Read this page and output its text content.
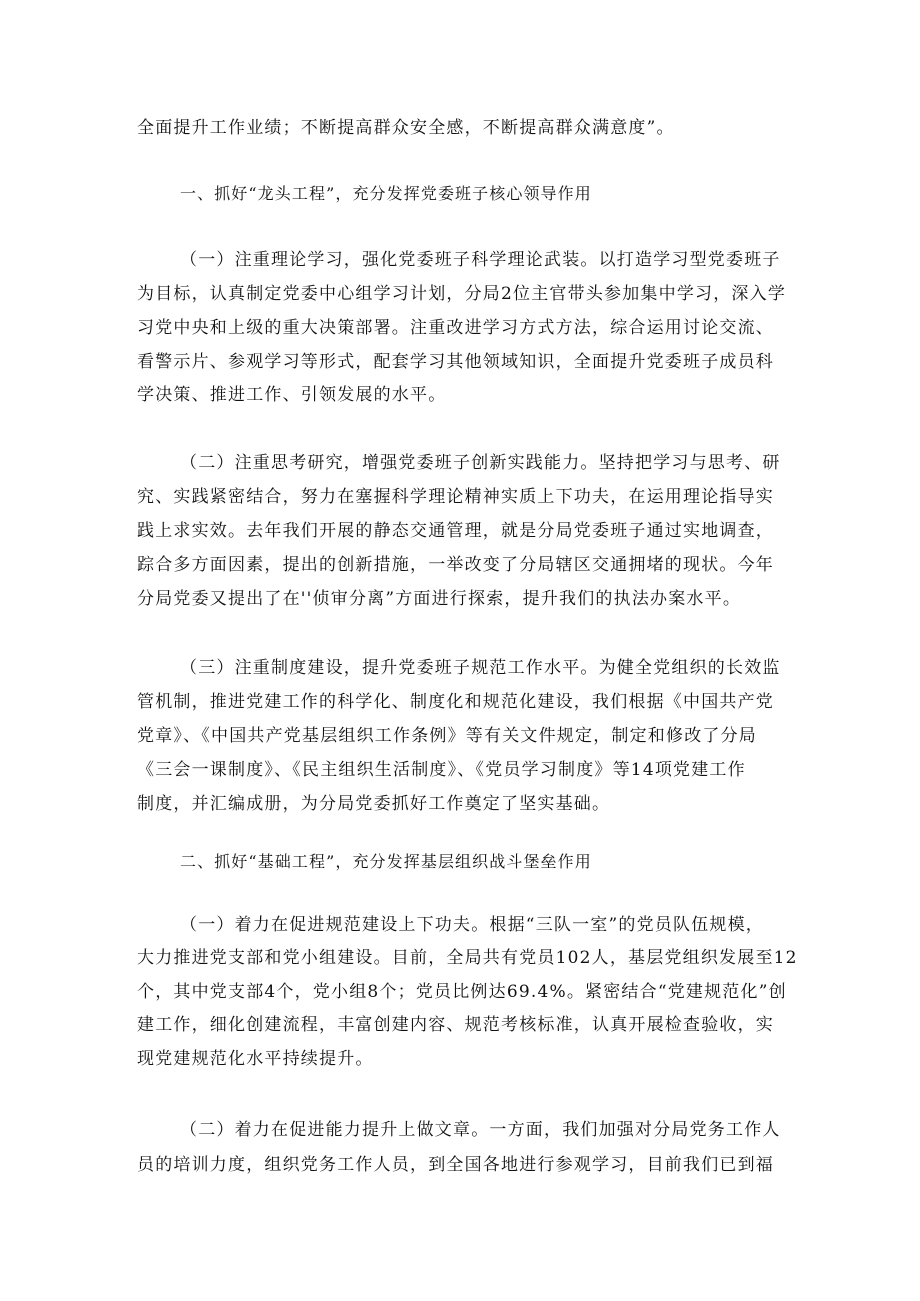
全面提升工作业绩；不断提高群众安全感，不断提高群众满意度”。
一、抓好“龙头工程”，充分发挥党委班子核心领导作用
（一）注重理论学习，强化党委班子科学理论武装。以打造学习型党委班子
为目标，认真制定党委中心组学习计划，分局2位主官带头参加集中学习，深入学
习党中央和上级的重大决策部署。注重改进学习方式方法，综合运用讨论交流、
看警示片、参观学习等形式，配套学习其他领域知识，全面提升党委班子成员科
学决策、推进工作、引领发展的水平。
（二）注重思考研究，增强党委班子创新实践能力。坚持把学习与思考、研
究、实践紧密结合，努力在塞握科学理论精神实质上下功夫，在运用理论指导实
践上求实效。去年我们开展的静态交通管理，就是分局党委班子通过实地调查，
踪合多方面因素，提出的创新措施，一举改变了分局辖区交通拥堵的现状。今年
分局党委又提出了在''侦审分离”方面进行探索，提升我们的执法办案水平。
（三）注重制度建设，提升党委班子规范工作水平。为健全党组织的长效监
管机制，推进党建工作的科学化、制度化和规范化建设，我们根据《中国共产党
党章》、《中国共产党基层组织工作条例》等有关文件规定，制定和修改了分局
《三会一课制度》、《民主组织生活制度》、《党员学习制度》等14项党建工作
制度，并汇编成册，为分局党委抓好工作奠定了坚实基础。
二、抓好“基础工程”，充分发挥基层组织战斗堡垒作用
（一）着力在促进规范建设上下功夫。根据“三队一室”的党员队伍规模，
大力推进党支部和党小组建设。目前，全局共有党员102人，基层党组织发展至12
个，其中党支部4个，党小组8个；党员比例达69.4%。紧密结合“党建规范化”创
建工作，细化创建流程，丰富创建内容、规范考核标准，认真开展检查验收，实
现党建规范化水平持续提升。
（二）着力在促进能力提升上做文章。一方面，我们加强对分局党务工作人
员的培训力度，组织党务工作人员，到全国各地进行参观学习，目前我们已到福
